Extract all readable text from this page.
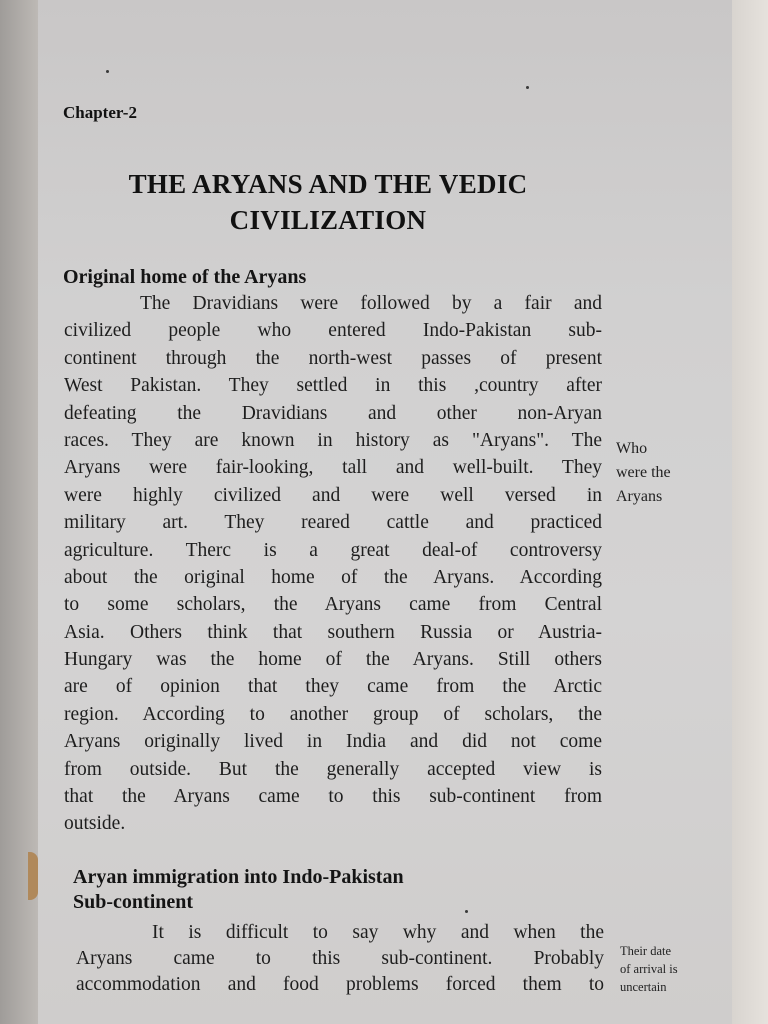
Chapter-2
THE ARYANS AND THE VEDIC
CIVILIZATION
Original home of the Aryans
The Dravidians were followed by a fair and
civilized people who entered Indo-Pakistan sub-
continent through the north-west passes of present
West Pakistan. They settled in this ,country after
defeating the Dravidians and other non-Aryan
races. They are known in history as "Aryans". The
Aryans were fair-looking, tall and well-built. They
were highly civilized and were well versed in
military art. They reared cattle and practiced
agriculture. Therc is a great deal-of controversy
about the original home of the Aryans. According
to some scholars, the Aryans came from Central
Asia. Others think that southern Russia or Austria-
Hungary was the home of the Aryans. Still others
are of opinion that they came from the Arctic
region. According to another group of scholars, the
Aryans originally lived in India and did not come
from outside. But the generally accepted view is
that the Aryans came to this sub-continent from
outside.
Who
were the
Aryans
Aryan immigration into Indo-Pakistan
Sub-continent
It is difficult to say why and when the
Aryans came to this sub-continent. Probably
accommodation and food problems forced them to
Their date
of arrival is
uncertain
